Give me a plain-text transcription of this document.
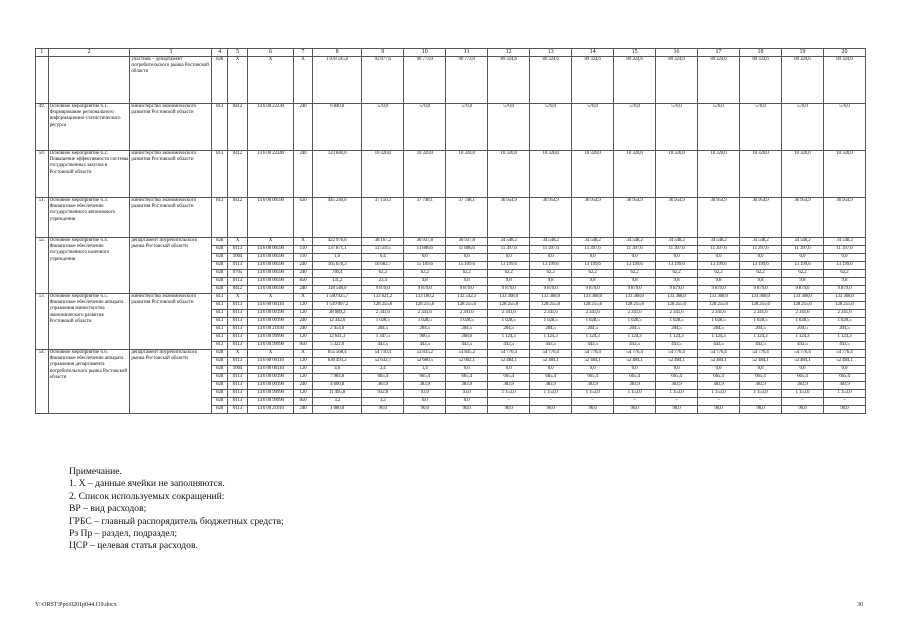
1	2	3	4	5	6	7	8	9	10	11	12	13	14	15	16	17	18	19	20
		участник – департамент потребительского рынка Ростовской области	828	X	X	X	1 078 545,0	92 877,6	90 773,0	90 773,0	89 324,6	89 324,6	89 324,6	89 324,6	89 324,6	89 324,6	89 324,6	89 324,6	89 324,6
49.	Основное мероприятие 6.1. Формирование регионального информационно-статистического ресурса	министерство экономического развития Ростовской области	813	0412	14 6 00 22230	240	6 840,0	570,0	570,0	570,0	570,0	570,0	570,0	570,0	570,0	570,0	570,0	570,0	570,0
50.	Основное мероприятие 6.2. Повышение эффективности системы государственных закупок в Ростовской области	министерство экономического развития Ростовской области	813	0412	14 6 00 22240	240	123 840,0	10 320,0	10 320,0	10 320,0	10 320,0	10 320,0	10 320,0	10 320,0	10 320,0	10 320,0	10 320,0	10 320,0	10 320,0
51.	Основное мероприятие 6.3. Финансовое обеспечение государственного автономного учреждения	министерство экономического развития Ростовской области	813	0412	14 6 00 00590	620	445 240,6	37 150,3	37 748,1	37 748,1	36 954,9	36 954,9	36 954,9	36 954,9	36 954,9	36 954,9	36 954,9	36 954,9	36 954,9
52.	Основное мероприятие 6.4. Финансовое обеспечение государственного казенного учреждения	департамент потребительского рынка Ростовской области	828	X	X	X	422 976,6	38 167,2	36 937,8	36 937,8	34 548,2	34 548,2	34 548,2	34 548,2	34 548,2	34 548,2	34 548,2	34 548,2	34 548,2
			828	0113	14 6 00 00590	110	137 871,1	11 519,5	11 886,6	11 886,6	11 397,6	11 397,6	11 397,6	11 397,6	11 397,6	11 397,6	11 397,6	11 397,6	11 397,6
			828	1004	14 6 00 00590	110	1,6	0,4	0,6	0,6	0,0	0,0	0,0	0,0	0,0	0,0	0,0	0,0	0,0
			828	0113	14 6 00 00590	240	165 678,3	16 682,7	15 109,6	15 109,6	13 199,6	13 199,6	13 199,6	13 199,6	13 199,6	13 199,6	13 199,6	13 199,6	13 199,6
			828	0705	14 6 00 00590	240	746,4	62,2	62,2	62,2	62,2	62,2	62,2	62,2	62,2	62,2	62,2	62,2	62,2
			828	0113	14 6 00 00590	850	131,2	23,4	9,8	9,8	9,8	9,8	9,8	9,8	9,8	9,8	9,8	9,8	9,8
			828	0412	14 6 00 00590	240	118 548,0	9 879,0	9 879,0	9 879,0	9 879,0	9 879,0	9 879,0	9 879,0	9 879,0	9 879,0	9 879,0	9 879,0	9 879,0
53.	Основное мероприятие 6.5. Финансовое обеспечение аппарата управления министерства экономического развития Ростовской области	министерство экономического развития Ростовской области	813	X	X	X	1 590 925,7	133 621,2	133 180,2	132 542,3	133 368,0	133 368,0	133 368,0	133 368,0	133 368,0	133 368,0	133 368,0	133 368,0	133 368,0
			813	0113	14 6 00 00110	120	1 539 007,2	128 255,6	128 255,6	128 255,6	128 255,6	128 255,6	128 255,6	128 255,6	128 255,6	128 255,6	128 255,6	128 255,6	128 255,6
			813	0113	14 6 00 00190	120	28 089,2	2 341,6	2 341,6	2 341,6	2 341,6	2 341,6	2 341,6	2 341,6	2 341,6	2 341,6	2 341,6	2 341,6	2 341,6
			813	0113	14 6 00 00190	240	12 342,0	1 028,5	1 028,5	1 028,5	1 028,5	1 028,5	1 028,5	1 028,5	1 028,5	1 028,5	1 028,5	1 028,5	1 028,5
			813	0113	14 6 00 21030	240	2 454,0	204,5	204,5	204,5	204,5	204,5	204,5	204,5	204,5	204,5	204,5	204,5	204,5
			813	0113	14 6 00 99990	120	12 641,3	1 347,5	906,5	268,6	1 124,3	1 124,3	1 124,3	1 124,3	1 124,3	1 124,3	1 124,3	1 124,3	1 124,3
			813	0113	14 6 00 99990	850	5 322,0	443,5	443,5	443,5	443,5	443,5	443,5	443,5	443,5	443,5	443,5	443,5	443,5
54.	Основное мероприятие 6.6. Финансовое обеспечение аппарата управления департамента потребительского рынка Ростовской области	департамент потребительского рынка Ростовской области	828	X	X	X	655 568,4	54 710,4	53 835,2	53 835,2	54 776,4	54 776,4	54 776,4	54 776,4	54 776,4	54 776,4	54 776,4	54 776,4	54 776,4
			828	0113	14 6 00 00110	120	630 493,2	52 632,7	52 600,5	52 602,1	52 484,1	52 484,1	52 484,1	52 484,1	52 484,1	52 484,1	52 484,1	52 484,1	52 484,1
			828	1004	14 6 00 00110	120	4,6	2,4	1,4	0,6	0,0	0,0	0,0	0,0	0,0	0,0	0,0	0,0	0,0
			828	0113	14 6 00 00190	120	7 984,8	665,4	665,4	665,4	665,4	665,4	665,4	665,4	665,4	665,4	665,4	665,4	665,4
			828	0113	14 6 00 00190	240	4 600,8	383,9	383,9	383,9	383,9	383,9	383,9	383,9	383,9	383,9	383,9	383,9	383,9
			828	0113	14 6 00 99990	120	11 495,8	932,8	93,0	93,0	1 153,0	1 153,0	1 153,0	1 153,0	1 153,0	1 153,0	1 153,0	1 153,0	1 153,0
			828	0113	14 6 00 99990	850	3,2	3,2	0,0	0,0	–	–	–	–	–	–	–	–	–
			828	0113	14 6 00 21010	240	1 080,0	90,0	90,0	90,0	90,0	90,0	90,0	90,0	90,0	90,0	90,0	90,0	90,0
Примечание.
1. Х – данные ячейки не заполняются.
2. Список используемых сокращений:
ВР – вид расходов;
ГРБС – главный распорядитель бюджетных средств;
Рз Пр – раздел, подраздел;
ЦСР – целевая статья расходов.
Y:\ORST\Ppo\0201p044.f19.docx	30
